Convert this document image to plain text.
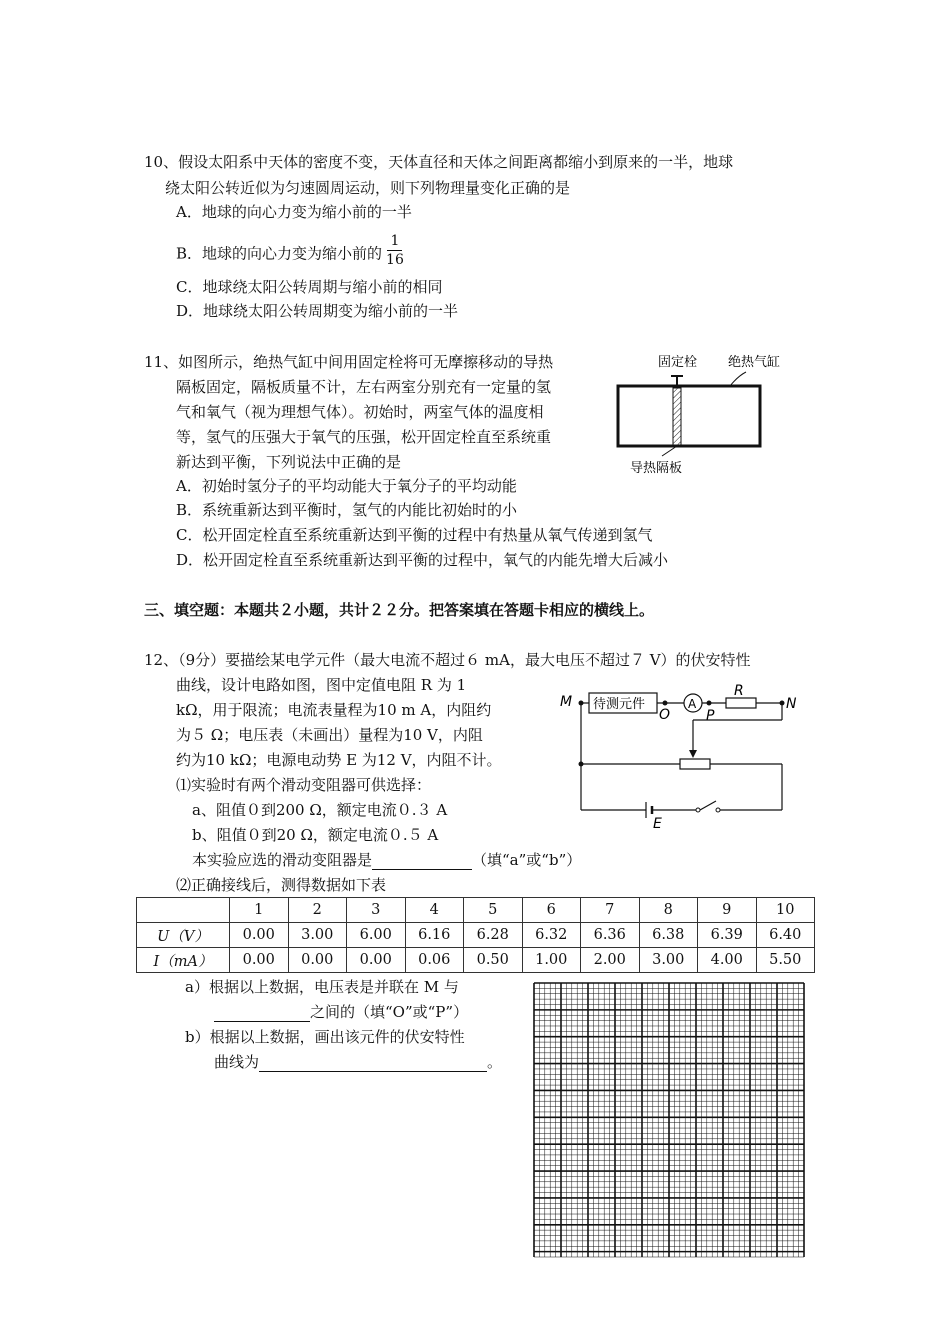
10、假设太阳系中天体的密度不变，天体直径和天体之间距离都缩小到原来的一半，地球
绕太阳公转近似为匀速圆周运动，则下列物理量变化正确的是
A．地球的向心力变为缩小前的一半
B．地球的向心力变为缩小前的 $\frac{1}{16}$
C．地球绕太阳公转周期与缩小前的相同
D．地球绕太阳公转周期变为缩小前的一半
11、如图所示，绝热气缸中间用固定栓将可无摩擦移动的导热
隔板固定，隔板质量不计，左右两室分别充有一定量的氢
气和氧气（视为理想气体）。初始时，两室气体的温度相
等，氢气的压强大于氧气的压强，松开固定栓直至系统重
新达到平衡，下列说法中正确的是
A．初始时氢分子的平均动能大于氧分子的平均动能
B．系统重新达到平衡时，氢气的内能比初始时的小
C．松开固定栓直至系统重新达到平衡的过程中有热量从氧气传递到氢气
D．松开固定栓直至系统重新达到平衡的过程中，氧气的内能先增大后减小
固定栓 绝热气缸
导热隔板
三、填空题：本题共２小题，共计２２分。把答案填在答题卡相应的横线上。
12、（9分）要描绘某电学元件（最大电流不超过６ mA，最大电压不超过７ V）的伏安特性
曲线，设计电路如图，图中定值电阻 R 为 1
kΩ，用于限流；电流表量程为10 m A，内阻约
为５ Ω；电压表（未画出）量程为10 V，内阻
约为10 kΩ；电源电动势 E 为12 V，内阻不计。
⑴实验时有两个滑动变阻器可供选择：
a、阻值０到200 Ω，额定电流０.３ A
b、阻值０到20 Ω，额定电流０.５ A
本实验应选的滑动变阻器是	（填“a”或“b”）
⑵正确接线后，测得数据如下表
M 待测元件
O
A
P
R
N
E
	1	2	3	4	5	6	7	8	9	10
U（V）	0.00	3.00	6.00	6.16	6.28	6.32	6.36	6.38	6.39	6.40
I（mA）	0.00	0.00	0.00	0.06	0.50	1.00	2.00	3.00	4.00	5.50
a）根据以上数据，电压表是并联在 M 与
之间的（填“O”或“P”）
b）根据以上数据，画出该元件的伏安特性
曲线为	。
